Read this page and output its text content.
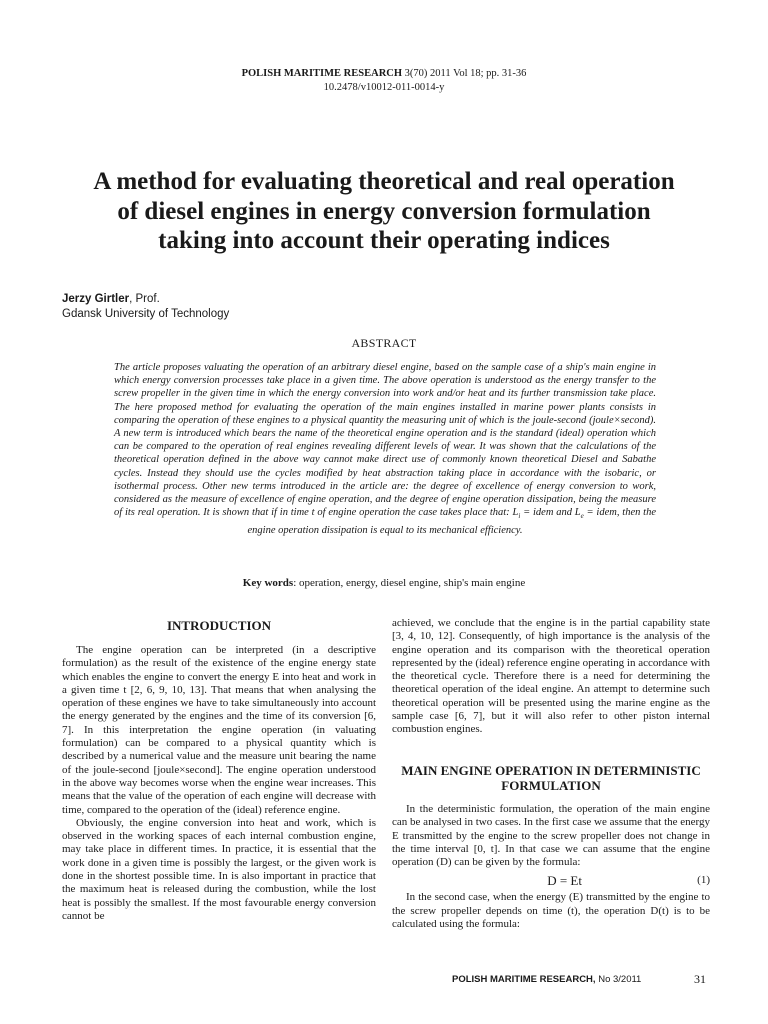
POLISH MARITIME RESEARCH 3(70) 2011 Vol 18; pp. 31-36
10.2478/v10012-011-0014-y
A method for evaluating theoretical and real operation of diesel engines in energy conversion formulation taking into account their operating indices
Jerzy Girtler, Prof.
Gdansk University of Technology
ABSTRACT
The article proposes valuating the operation of an arbitrary diesel engine, based on the sample case of a ship's main engine in which energy conversion processes take place in a given time. The above operation is understood as the energy transfer to the screw propeller in the given time in which the energy conversion into work and/or heat and its further transmission take place. The here proposed method for evaluating the operation of the main engines installed in marine power plants consists in comparing the operation of these engines to a physical quantity the measuring unit of which is the joule-second (joule×second). A new term is introduced which bears the name of the theoretical engine operation and is the standard (ideal) operation which can be compared to the operation of real engines revealing different levels of wear. It was shown that the calculations of the theoretical operation defined in the above way cannot make direct use of commonly known theoretical Diesel and Sabathe cycles. Instead they should use the cycles modified by heat abstraction taking place in accordance with the isobaric, or isothermal process. Other new terms introduced in the article are: the degree of excellence of energy conversion to work, considered as the measure of excellence of engine operation, and the degree of engine operation dissipation, being the measure of its real operation. It is shown that if in time t of engine operation the case takes place that: $L_i$ = idem and $L_e$ = idem, then the engine operation dissipation is equal to its mechanical efficiency.
Key words: operation, energy, diesel engine, ship's main engine
INTRODUCTION

The engine operation can be interpreted (in a descriptive formulation) as the result of the existence of the engine energy state which enables the engine to convert the energy E into heat and work in a given time t [2, 6, 9, 10, 13]. That means that when analysing the operation of these engines we have to take simultaneously into account the energy generated by the engines and the time of its conversion [6, 7]. In this interpretation the engine operation (in valuating formulation) can be compared to a physical quantity which is described by a numerical value and the measure unit bearing the name of the joule-second [joule×second]. The engine operation understood in the above way becomes worse when the engine wear increases. This means that the value of the operation of each engine will decrease with time, compared to the operation of the (ideal) reference engine.

Obviously, the engine conversion into heat and work, which is observed in the working spaces of each internal combustion engine, may take place in different times. In practice, it is essential that the work done in a given time is possibly the largest, or the given work is done in the shortest possible time. In is also important in practice that the maximum heat is released during the combustion, while the lost heat is possibly the smallest. If the most favourable energy conversion cannot be

achieved, we conclude that the engine is in the partial capability state [3, 4, 10, 12]. Consequently, of high importance is the analysis of the engine operation and its comparison with the theoretical operation represented by the (ideal) reference engine operating in accordance with the theoretical cycle. Therefore there is a need for determining the theoretical operation of the ideal engine. An attempt to determine such theoretical operation will be presented using the marine engine as the sample case [6, 7], but it will also refer to other piston internal combustion engines.

MAIN ENGINE OPERATION IN DETERMINISTIC FORMULATION

In the deterministic formulation, the operation of the main engine can be analysed in two cases. In the first case we assume that the energy E transmitted by the engine to the screw propeller does not change in the time interval [0, t]. In that case we can assume that the engine operation (D) can be given by the formula:

D = Et	(1)

In the second case, when the energy (E) transmitted by the engine to the screw propeller depends on time (t), the operation D(t) is to be calculated using the formula:

POLISH MARITIME RESEARCH, No 3/2011	31
